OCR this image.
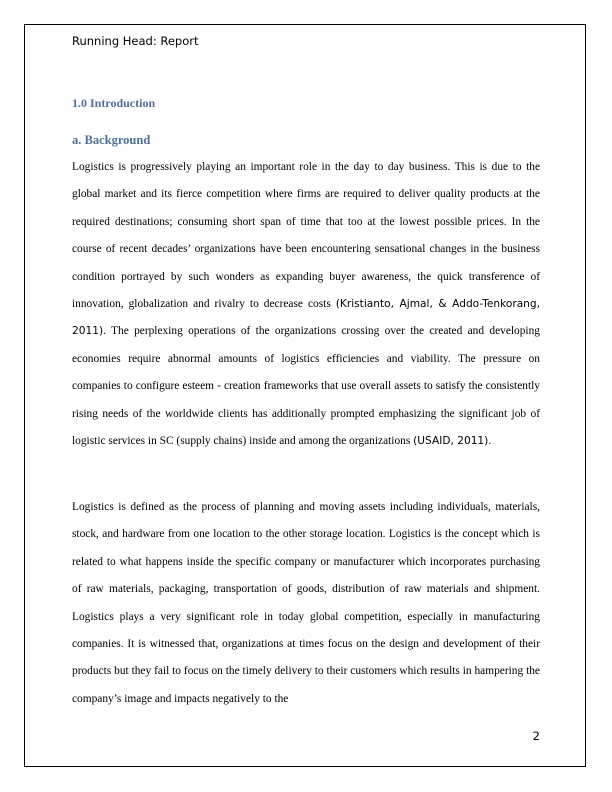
Running Head: Report
1.0 Introduction
a. Background

Logistics is progressively playing an important role in the day to day business. This is due to the global market and its fierce competition where firms are required to deliver quality products at the required destinations; consuming short span of time that too at the lowest possible prices. In the course of recent decades’ organizations have been encountering sensational changes in the business condition portrayed by such wonders as expanding buyer awareness, the quick transference of innovation, globalization and rivalry to decrease costs (Kristianto, Ajmal, & Addo-Tenkorang, 2011). The perplexing operations of the organizations crossing over the created and developing economies require abnormal amounts of logistics efficiencies and viability. The pressure on companies to configure esteem - creation frameworks that use overall assets to satisfy the consistently rising needs of the worldwide clients has additionally prompted emphasizing the significant job of logistic services in SC (supply chains) inside and among the organizations (USAID, 2011).

Logistics is defined as the process of planning and moving assets including individuals, materials, stock, and hardware from one location to the other storage location. Logistics is the concept which is related to what happens inside the specific company or manufacturer which incorporates purchasing of raw materials, packaging, transportation of goods, distribution of raw materials and shipment. Logistics plays a very significant role in today global competition, especially in manufacturing companies. It is witnessed that, organizations at times focus on the design and development of their products but they fail to focus on the timely delivery to their customers which results in hampering the company’s image and impacts negatively to the

2
